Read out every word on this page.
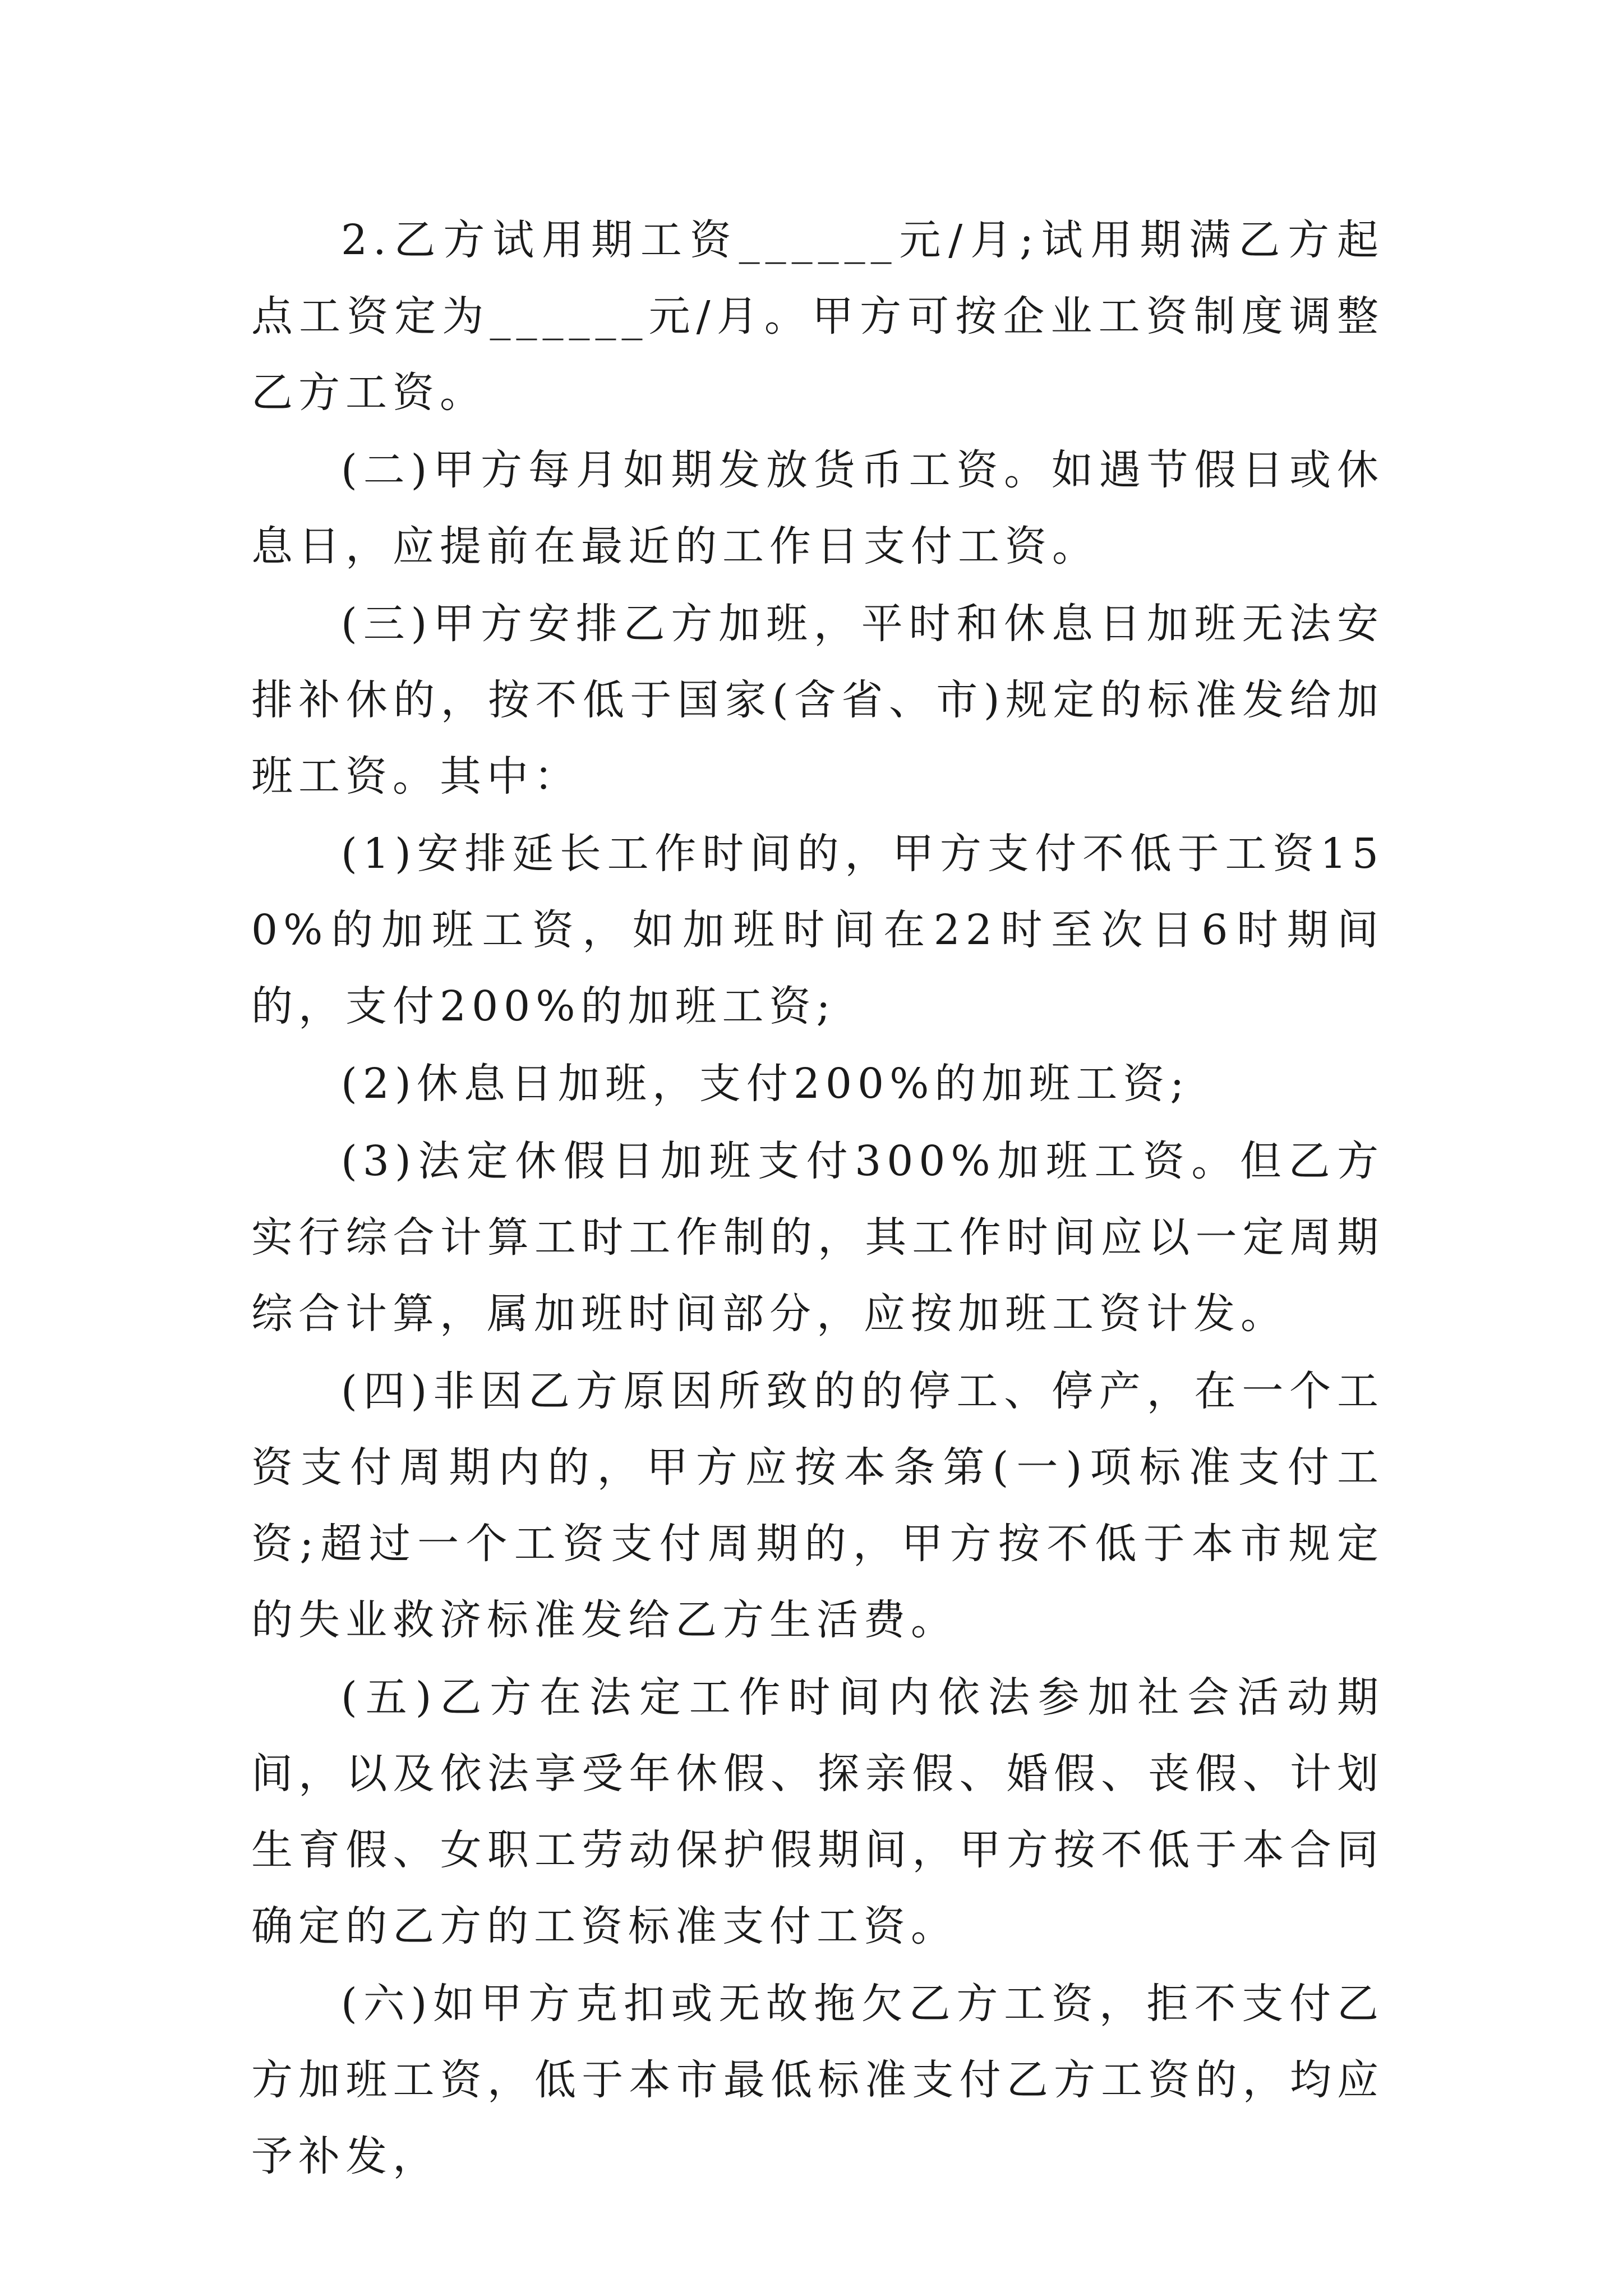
2.乙方试用期工资______元/月;试用期满乙方起点工资定为______元/月。甲方可按企业工资制度调整乙方工资。

(二)甲方每月如期发放货币工资。如遇节假日或休息日，应提前在最近的工作日支付工资。

(三)甲方安排乙方加班，平时和休息日加班无法安排补休的，按不低于国家(含省、市)规定的标准发给加班工资。其中：

(1)安排延长工作时间的，甲方支付不低于工资150%的加班工资，如加班时间在22时至次日6时期间的，支付200%的加班工资;

(2)休息日加班，支付200%的加班工资;

(3)法定休假日加班支付300%加班工资。但乙方实行综合计算工时工作制的，其工作时间应以一定周期综合计算，属加班时间部分，应按加班工资计发。

(四)非因乙方原因所致的的停工、停产，在一个工资支付周期内的，甲方应按本条第(一)项标准支付工资;超过一个工资支付周期的，甲方按不低于本市规定的失业救济标准发给乙方生活费。

(五)乙方在法定工作时间内依法参加社会活动期间，以及依法享受年休假、探亲假、婚假、丧假、计划生育假、女职工劳动保护假期间，甲方按不低于本合同确定的乙方的工资标准支付工资。

(六)如甲方克扣或无故拖欠乙方工资，拒不支付乙方加班工资，低于本市最低标准支付乙方工资的，均应予补发，
